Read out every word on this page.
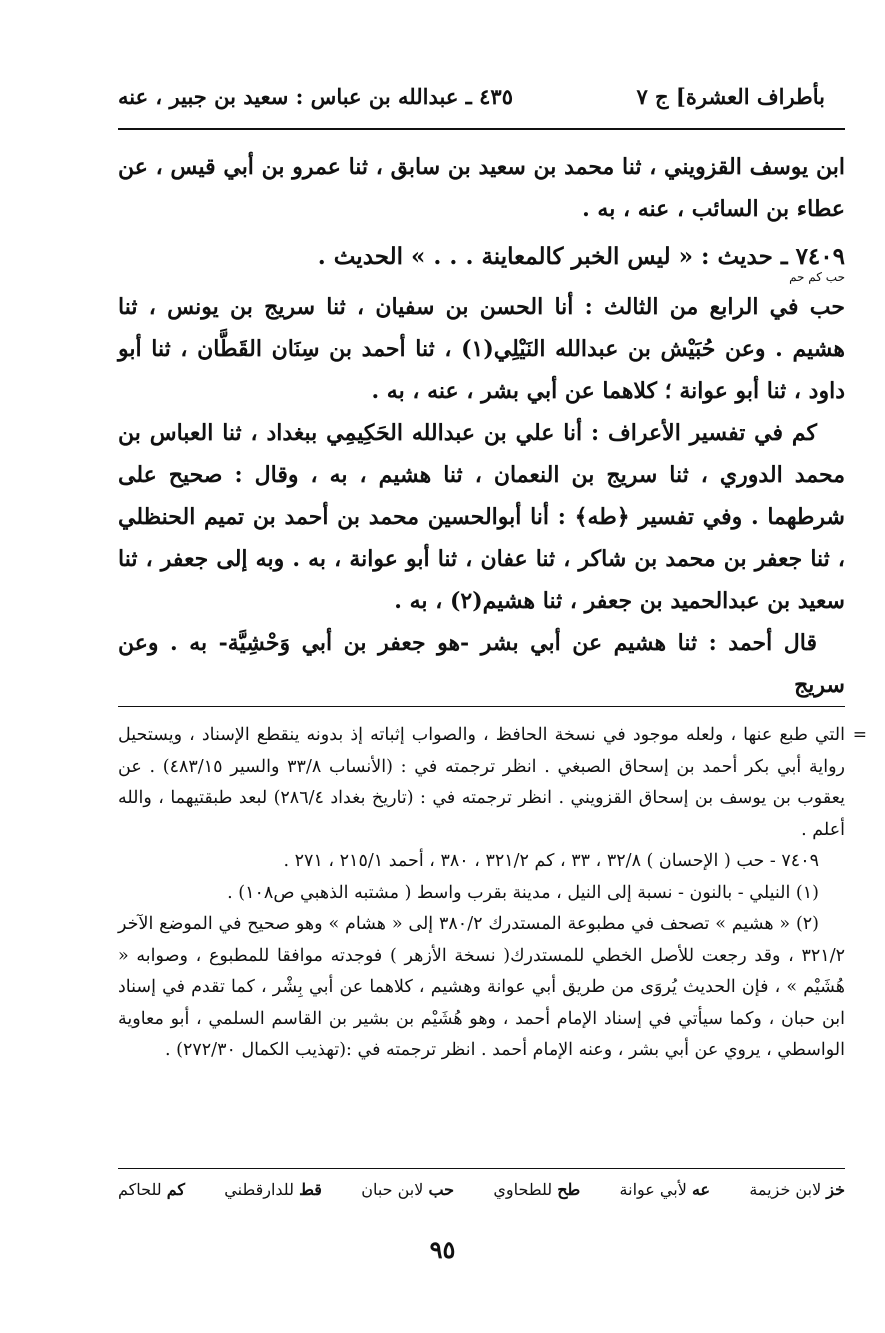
بأطراف العشرة] ج ٧
٤٣٥ ـ عبدالله بن عباس : سعيد بن جبير ، عنه

ابن يوسف القزويني ، ثنا محمد بن سعيد بن سابق ، ثنا عمرو بن أبي قيس ، عن عطاء بن السائب ، عنه ، به .

٧٤٠٩ ـ حديث : « ليس الخبر كالمعاينة . . . » الحديث .

حب كم حم

حب في الرابع من الثالث : أنا الحسن بن سفيان ، ثنا سريج بن يونس ، ثنا هشيم . وعن حُبَيْش بن عبدالله النَيْلِي(١) ، ثنا أحمد بن سِنَان القَطَّان ، ثنا أبو داود ، ثنا أبو عوانة ؛ كلاهما عن أبي بشر ، عنه ، به .

كم في تفسير الأعراف : أنا علي بن عبدالله الحَكِيمِي ببغداد ، ثنا العباس بن محمد الدوري ، ثنا سريج بن النعمان ، ثنا هشيم ، به ، وقال : صحيح على شرطهما . وفي تفسير ﴿طه﴾ : أنا أبوالحسين محمد بن أحمد بن تميم الحنظلي ، ثنا جعفر بن محمد بن شاكر ، ثنا عفان ، ثنا أبو عوانة ، به . وبه إلى جعفر ، ثنا سعيد بن عبدالحميد بن جعفر ، ثنا هشيم(٢) ، به .

قال أحمد : ثنا هشيم عن أبي بشر -هو جعفر بن أبي وَحْشِيَّة- به . وعن سريج

=
التي طبع عنها ، ولعله موجود في نسخة الحافظ ، والصواب إثباته إذ بدونه ينقطع الإسناد ، ويستحيل رواية أبي بكر أحمد بن إسحاق الصبغي . انظر ترجمته في : (الأنساب ٣٣/٨ والسير ٤٨٣/١٥) . عن يعقوب بن يوسف بن إسحاق القزويني . انظر ترجمته في : (تاريخ بغداد ٢٨٦/٤) لبعد طبقتيهما ، والله أعلم .

٧٤٠٩ - حب ( الإحسان ) ٣٢/٨ ، ٣٣ ، كم ٣٢١/٢ ، ٣٨٠ ، أحمد ٢١٥/١ ، ٢٧١ .

(١) النيلي - بالنون - نسبة إلى النيل ، مدينة بقرب واسط ( مشتبه الذهبي ص١٠٨) .

(٢) « هشيم » تصحف في مطبوعة المستدرك ٣٨٠/٢ إلى « هشام » وهو صحيح في الموضع الآخر ٣٢١/٢ ، وقد رجعت للأصل الخطي للمستدرك( نسخة الأزهر ) فوجدته موافقا للمطبوع ، وصوابه « هُشَيْم » ، فإن الحديث يُروَى من طريق أبي عوانة وهشيم ، كلاهما عن أبي بِشْر ، كما تقدم في إسناد ابن حبان ، وكما سيأتي في إسناد الإمام أحمد ، وهو هُشَيْم بن بشير بن القاسم السلمي ، أبو معاوية الواسطي ، يروي عن أبي بشر ، وعنه الإمام أحمد . انظر ترجمته في :(تهذيب الكمال ٢٧٢/٣٠) .

خز لابن خزيمة
عه لأبي عوانة
طح للطحاوي
حب لابن حبان
قط للدارقطني
كم للحاكم
٩٥
